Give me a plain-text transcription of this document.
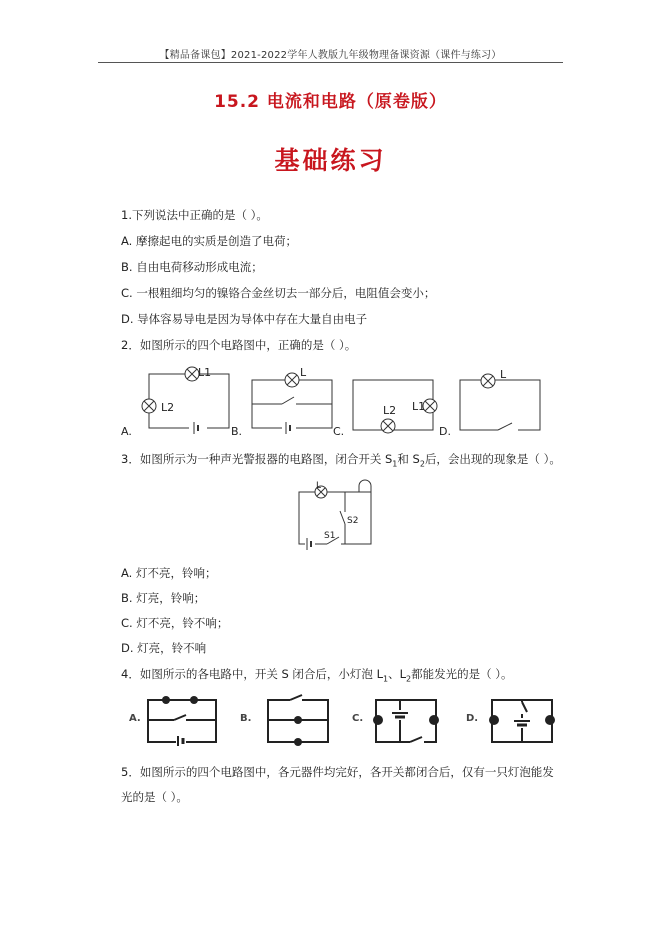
【精品备课包】2021-2022学年人教版九年级物理备课资源（课件与练习）
15.2 电流和电路（原卷版）
基础练习
1.下列说法中正确的是（ ）。
A. 摩擦起电的实质是创造了电荷；
B. 自由电荷移动形成电流；
C. 一根粗细均匀的镍铬合金丝切去一部分后，电阻值会变小；
D. 导体容易导电是因为导体中存在大量自由电子
2．如图所示的四个电路图中，正确的是（ ）。
L1
L2
A.
L
B.
L2 L1
C.
L
D.
3．如图所示为一种声光警报器的电路图，闭合开关 $S_1$和 $S_2$后，会出现的现象是（ ）。
L
S2
S1
A. 灯不亮，铃响；
B. 灯亮，铃响；
C. 灯不亮，铃不响；
D. 灯亮，铃不响
4．如图所示的各电路中，开关 S 闭合后，小灯泡 $L_1$、$L_2$都能发光的是（ ）。
A.	B.	C.	D.
5．如图所示的四个电路图中，各元器件均完好，各开关都闭合后，仅有一只灯泡能发
光的是（ ）。
